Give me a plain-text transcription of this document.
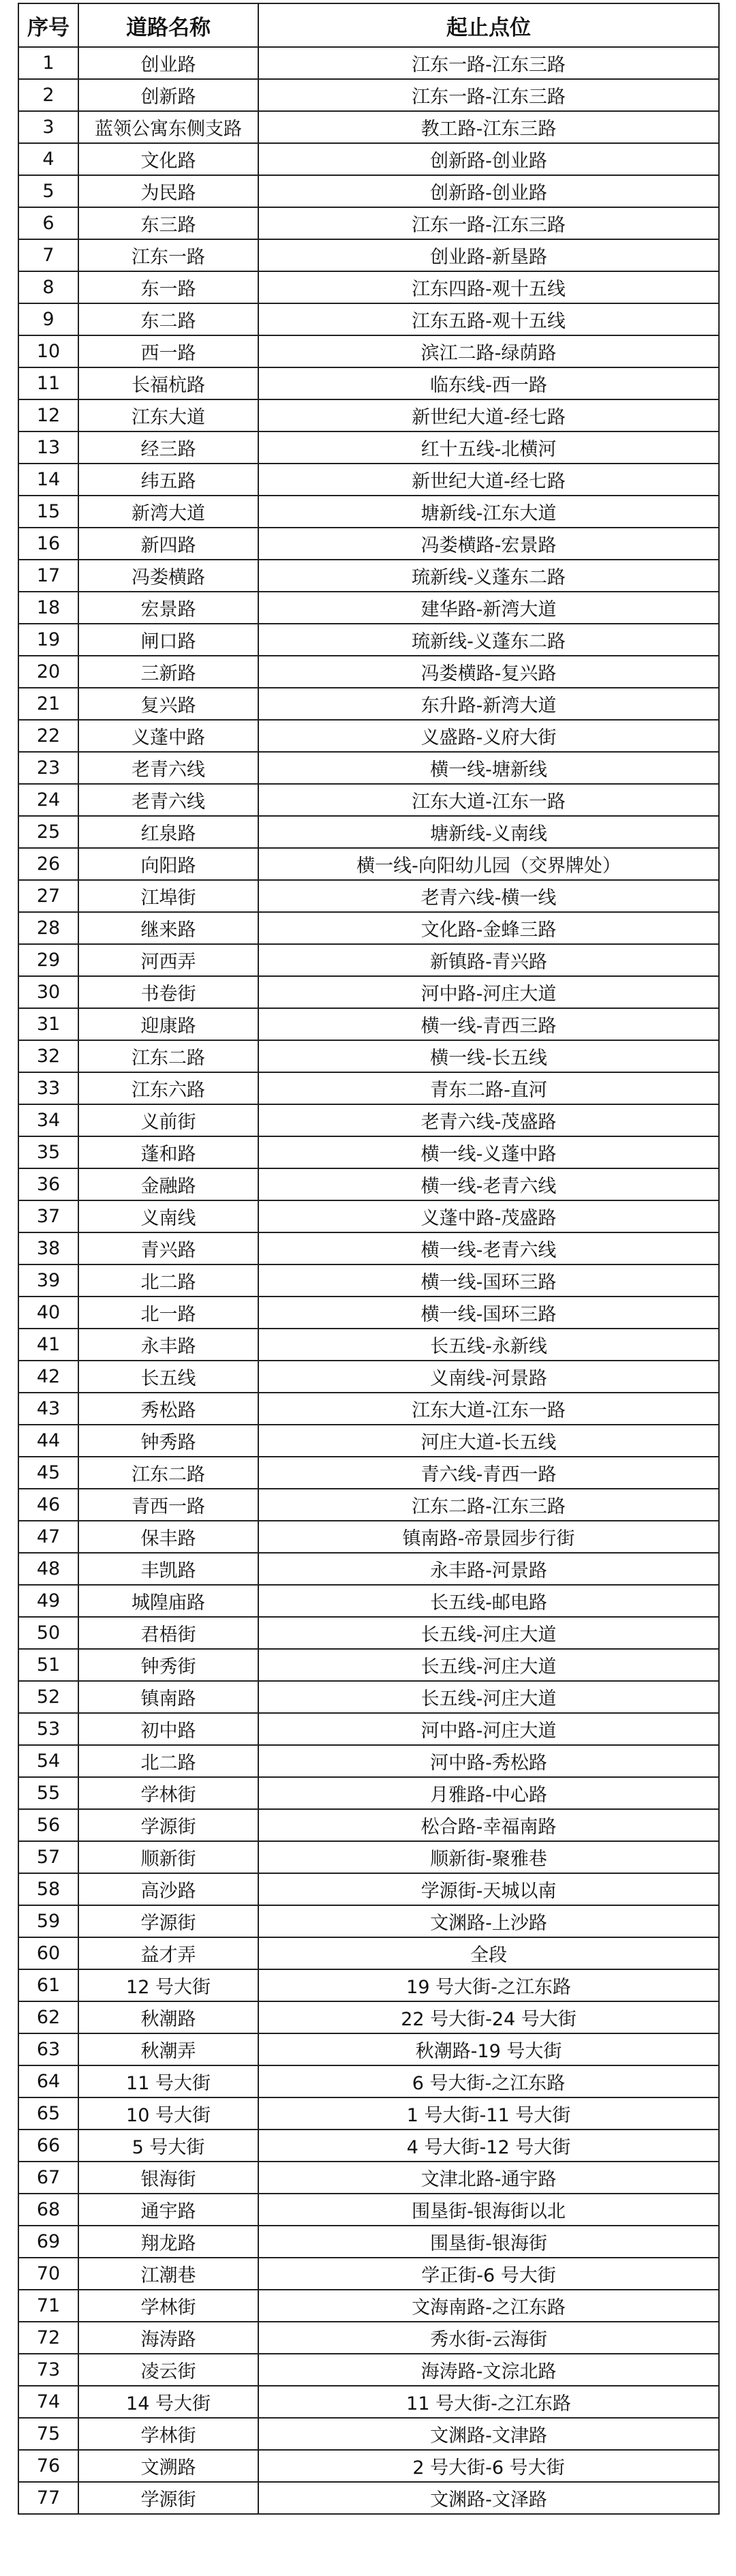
序号	道路名称	起止点位
1	创业路	江东一路-江东三路
2	创新路	江东一路-江东三路
3	蓝领公寓东侧支路	教工路-江东三路
4	文化路	创新路-创业路
5	为民路	创新路-创业路
6	东三路	江东一路-江东三路
7	江东一路	创业路-新垦路
8	东一路	江东四路-观十五线
9	东二路	江东五路-观十五线
10	西一路	滨江二路-绿荫路
11	长福杭路	临东线-西一路
12	江东大道	新世纪大道-经七路
13	经三路	红十五线-北横河
14	纬五路	新世纪大道-经七路
15	新湾大道	塘新线-江东大道
16	新四路	冯娄横路-宏景路
17	冯娄横路	琉新线-义蓬东二路
18	宏景路	建华路-新湾大道
19	闸口路	琉新线-义蓬东二路
20	三新路	冯娄横路-复兴路
21	复兴路	东升路-新湾大道
22	义蓬中路	义盛路-义府大街
23	老青六线	横一线-塘新线
24	老青六线	江东大道-江东一路
25	红泉路	塘新线-义南线
26	向阳路	横一线-向阳幼儿园（交界牌处）
27	江埠街	老青六线-横一线
28	继来路	文化路-金蜂三路
29	河西弄	新镇路-青兴路
30	书卷街	河中路-河庄大道
31	迎康路	横一线-青西三路
32	江东二路	横一线-长五线
33	江东六路	青东二路-直河
34	义前街	老青六线-茂盛路
35	蓬和路	横一线-义蓬中路
36	金融路	横一线-老青六线
37	义南线	义蓬中路-茂盛路
38	青兴路	横一线-老青六线
39	北二路	横一线-国环三路
40	北一路	横一线-国环三路
41	永丰路	长五线-永新线
42	长五线	义南线-河景路
43	秀松路	江东大道-江东一路
44	钟秀路	河庄大道-长五线
45	江东二路	青六线-青西一路
46	青西一路	江东二路-江东三路
47	保丰路	镇南路-帝景园步行街
48	丰凯路	永丰路-河景路
49	城隍庙路	长五线-邮电路
50	君梧街	长五线-河庄大道
51	钟秀街	长五线-河庄大道
52	镇南路	长五线-河庄大道
53	初中路	河中路-河庄大道
54	北二路	河中路-秀松路
55	学林街	月雅路-中心路
56	学源街	松合路-幸福南路
57	顺新街	顺新街-聚雅巷
58	高沙路	学源街-天城以南
59	学源街	文渊路-上沙路
60	益才弄	全段
61	12 号大街	19 号大街-之江东路
62	秋潮路	22 号大街-24 号大街
63	秋潮弄	秋潮路-19 号大街
64	11 号大街	6 号大街-之江东路
65	10 号大街	1 号大街-11 号大街
66	5 号大街	4 号大街-12 号大街
67	银海街	文津北路-通宇路
68	通宇路	围垦街-银海街以北
69	翔龙路	围垦街-银海街
70	江潮巷	学正街-6 号大街
71	学林街	文海南路-之江东路
72	海涛路	秀水街-云海街
73	凌云街	海涛路-文淙北路
74	14 号大街	11 号大街-之江东路
75	学林街	文渊路-文津路
76	文溯路	2 号大街-6 号大街
77	学源街	文渊路-文泽路
